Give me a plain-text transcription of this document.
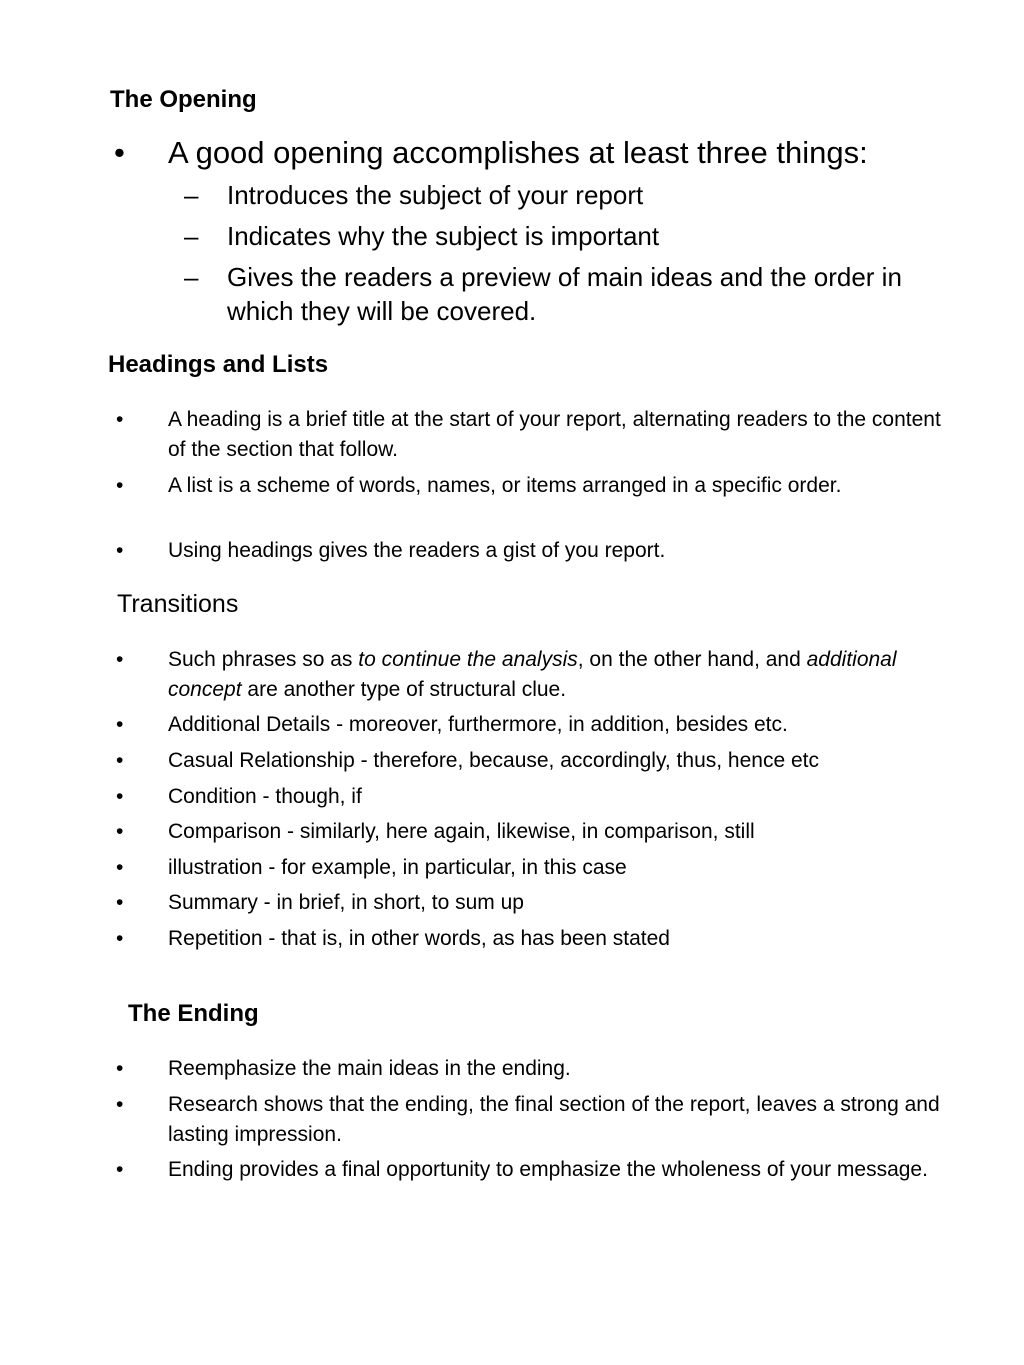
The Opening
• A good opening accomplishes at least three things:
– Introduces the subject of your report
– Indicates why the subject is important
– Gives the readers a preview of main ideas and the order in which they will be covered.
Headings and Lists
• A heading is a brief title at the start of your report, alternating readers to the content of the section that follow.
• A list is a scheme of words, names, or items arranged in a specific order.
• Using headings gives the readers a gist of you report.
Transitions
• Such phrases so as to continue the analysis, on the other hand, and additional concept are another type of structural clue.
• Additional Details - moreover, furthermore, in addition, besides etc.
• Casual Relationship - therefore, because, accordingly, thus, hence etc
• Condition - though, if
• Comparison - similarly, here again, likewise, in comparison, still
• illustration - for example, in particular, in this case
• Summary - in brief, in short, to sum up
• Repetition - that is, in other words, as has been stated
The Ending
• Reemphasize the main ideas in the ending.
• Research shows that the ending, the final section of the report, leaves a strong and lasting impression.
• Ending provides a final opportunity to emphasize the wholeness of your message.
